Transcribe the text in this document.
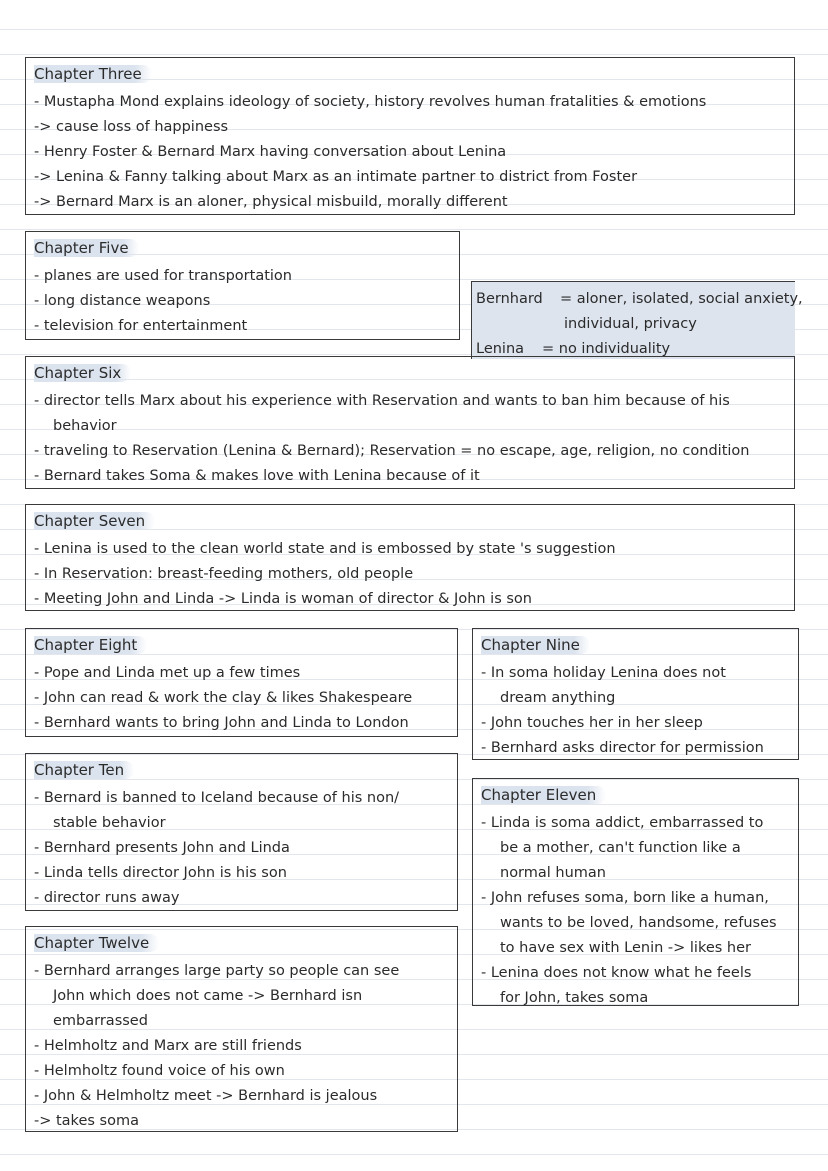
Chapter Three
- Mustapha Mond explains ideology of society, history revolves human fratalities & emotions
-> cause loss of happiness
- Henry Foster & Bernard Marx having conversation about Lenina
-> Lenina & Fanny talking about Marx as an intimate partner to district from Foster
-> Bernard Marx is an aloner, physical misbuild, morally different
Chapter Five
- planes are used for transportation
- long distance weapons
- television for entertainment
Bernhard = aloner, isolated, social anxiety,
individual, privacy
Lenina = no individuality
Chapter Six
- director tells Marx about his experience with Reservation and wants to ban him because of his
behavior
- traveling to Reservation (Lenina & Bernard); Reservation = no escape, age, religion, no condition
- Bernard takes Soma & makes love with Lenina because of it
Chapter Seven
- Lenina is used to the clean world state and is embossed by state 's suggestion
- In Reservation: breast-feeding mothers, old people
- Meeting John and Linda -> Linda is woman of director & John is son
Chapter Eight
- Pope and Linda met up a few times
- John can read & work the clay & likes Shakespeare
- Bernhard wants to bring John and Linda to London
Chapter Nine
- In soma holiday Lenina does not
dream anything
- John touches her in her sleep
- Bernhard asks director for permission
Chapter Ten
- Bernard is banned to Iceland because of his non/
stable behavior
- Bernhard presents John and Linda
- Linda tells director John is his son
- director runs away
Chapter Eleven
- Linda is soma addict, embarrassed to
be a mother, can't function like a
normal human
- John refuses soma, born like a human,
wants to be loved, handsome, refuses
to have sex with Lenin -> likes her
- Lenina does not know what he feels
for John, takes soma
Chapter Twelve
- Bernhard arranges large party so people can see
John which does not came -> Bernhard isn
embarrassed
- Helmholtz and Marx are still friends
- Helmholtz found voice of his own
- John & Helmholtz meet -> Bernhard is jealous
-> takes soma
